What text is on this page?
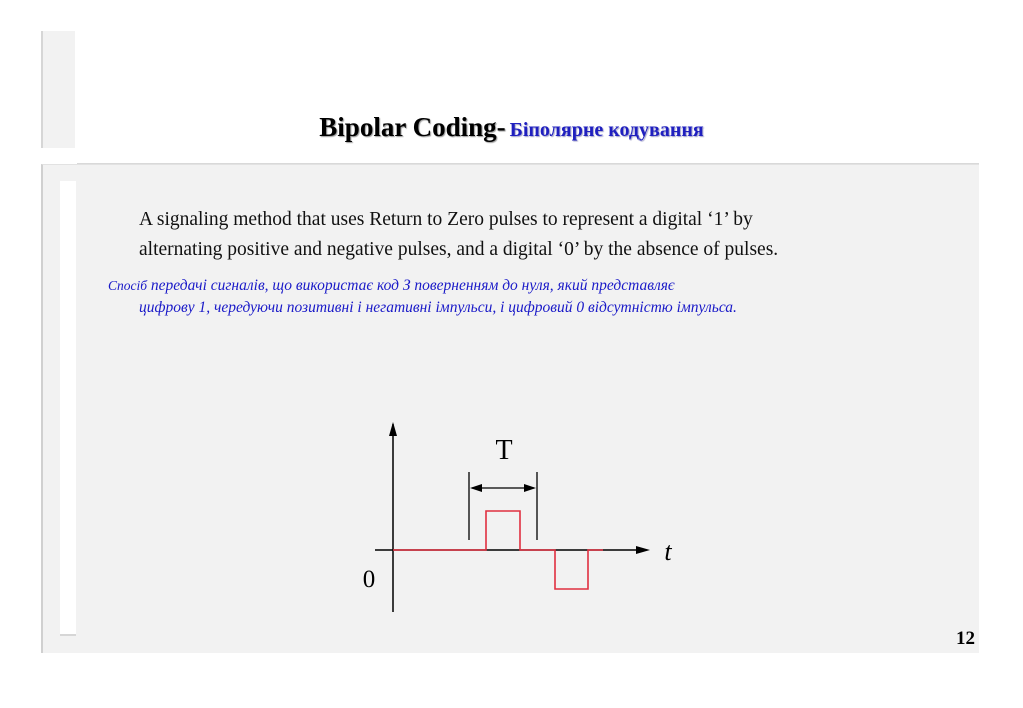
Bipolar Coding- Біполярне кодування
A signaling method that uses Return to Zero pulses to represent a digital ‘1’ by
alternating positive and negative pulses, and a digital ‘0’ by the absence of pulses.
Спосіб передачі сигналів, що використає код З поверненням до нуля, який представляє
цифрову 1, чередуючи позитивні і негативні імпульси, і цифровий 0 відсутністю імпульса.
T
t
0
12
